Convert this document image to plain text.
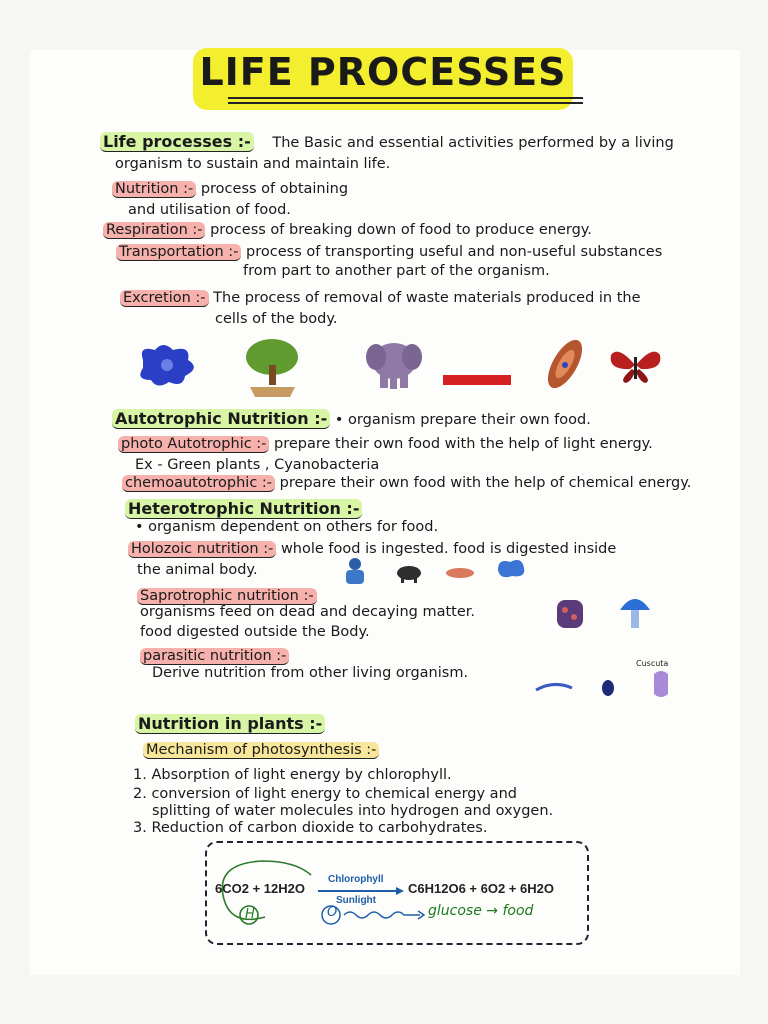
LIFE PROCESSES
Life processes :- The Basic and essential activities performed by a living
organism to sustain and maintain life.
Nutrition :- process of obtaining
and utilisation of food.
Respiration :- process of breaking down of food to produce energy.
Transportation :- process of transporting useful and non-useful substances
from part to another part of the organism.
Excretion :- The process of removal of waste materials produced in the
cells of the body.
Autotrophic Nutrition :- • organism prepare their own food.
photo Autotrophic :- prepare their own food with the help of light energy.
Ex - Green plants , Cyanobacteria
chemoautotrophic :- prepare their own food with the help of chemical energy.
Heterotrophic Nutrition :-
• organism dependent on others for food.
Holozoic nutrition :- whole food is ingested. food is digested inside
the animal body.
Saprotrophic nutrition :-
organisms feed on dead and decaying matter.
food digested outside the Body.
parasitic nutrition :-
Derive nutrition from other living organism.
Cuscuta
Nutrition in plants :-
Mechanism of photosynthesis :-
1. Absorption of light energy by chlorophyll.
2. conversion of light energy to chemical energy and
splitting of water molecules into hydrogen and oxygen.
3. Reduction of carbon dioxide to carbohydrates.
6CO2 + 12H2O
Chlorophyll
Sunlight
C6H12O6 + 6O2 + 6H2O
H	O	glucose → food
